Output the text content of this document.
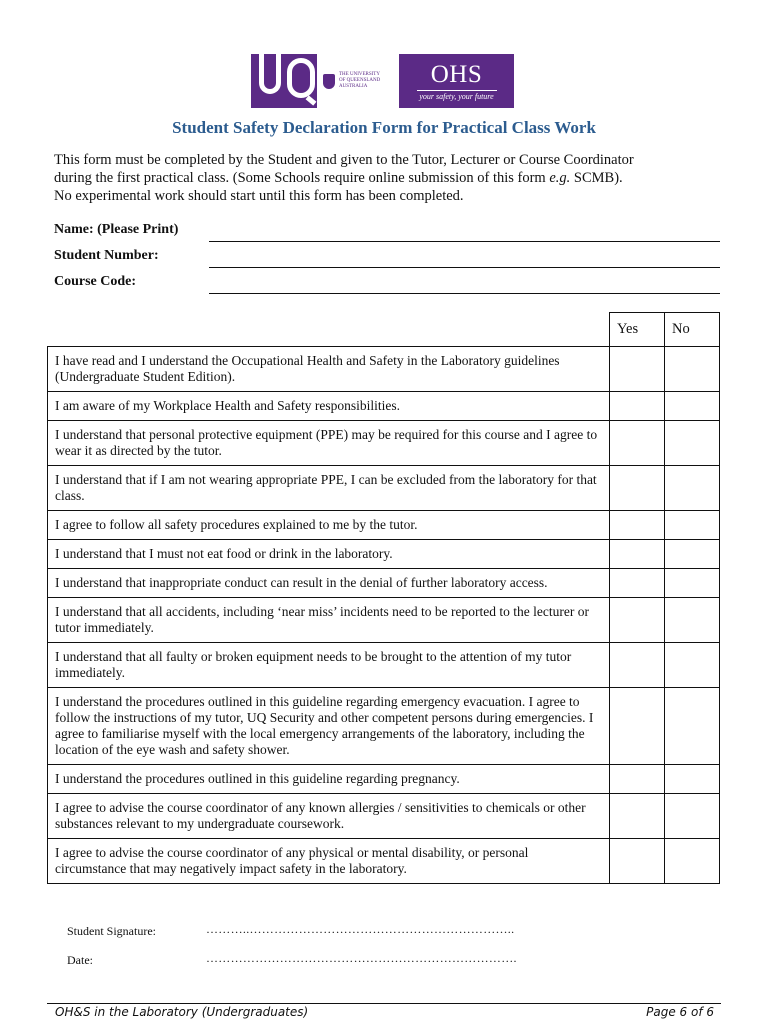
THE UNIVERSITY
OF QUEENSLAND
AUSTRALIA	OHS
your safety, your future
Student Safety Declaration Form for Practical Class Work

This form must be completed by the Student and given to the Tutor, Lecturer or Course Coordinator

during the first practical class. (Some Schools require online submission of this form e.g. SCMB).

No experimental work should start until this form has been completed.

Name: (Please Print)
Student Number:
Course Code:
	Yes	No
I have read and I understand the Occupational Health and Safety in the Laboratory guidelines (Undergraduate Student Edition).		
I am aware of my Workplace Health and Safety responsibilities.		
I understand that personal protective equipment (PPE) may be required for this course and I agree to wear it as directed by the tutor.		
I understand that if I am not wearing appropriate PPE, I can be excluded from the laboratory for that class.		
I agree to follow all safety procedures explained to me by the tutor.		
I understand that I must not eat food or drink in the laboratory.		
I understand that inappropriate conduct can result in the denial of further laboratory access.		
I understand that all accidents, including ‘near miss’ incidents need to be reported to the lecturer or tutor immediately.		
I understand that all faulty or broken equipment needs to be brought to the attention of my tutor immediately.		
I understand the procedures outlined in this guideline regarding emergency evacuation. I agree to follow the instructions of my tutor, UQ Security and other competent persons during emergencies. I agree to familiarise myself with the local emergency arrangements of the laboratory, including the location of the eye wash and safety shower.		
I understand the procedures outlined in this guideline regarding pregnancy.		
I agree to advise the course coordinator of any known allergies / sensitivities to chemicals or other substances relevant to my undergraduate coursework.		
I agree to advise the course coordinator of any physical or mental disability, or personal circumstance that may negatively impact safety in the laboratory.		
Student Signature:	………..………………………………………………………..
Date:	………………………………………………………………….
OH&S in the Laboratory (Undergraduates)	Page 6 of 6
